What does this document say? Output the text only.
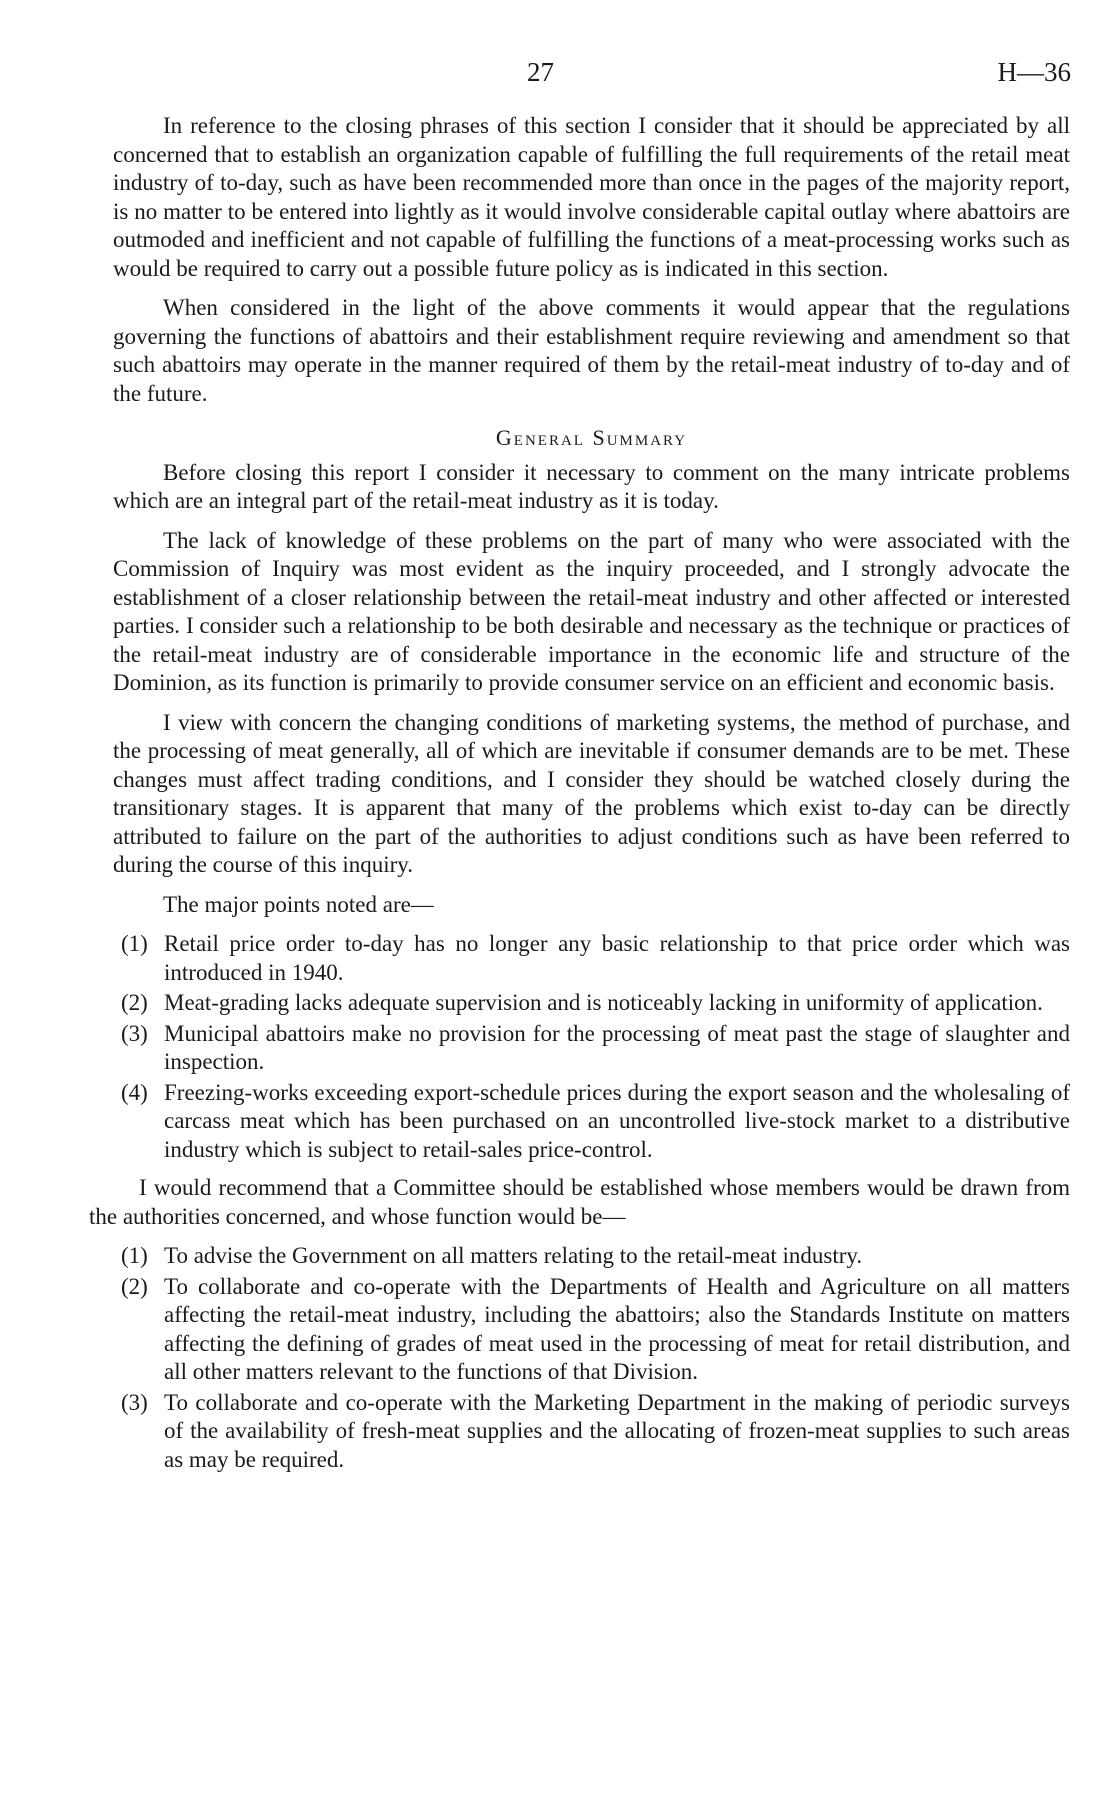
27	H—36

In reference to the closing phrases of this section I consider that it should be appreciated by all concerned that to establish an organization capable of fulfilling the full requirements of the retail meat industry of to-day, such as have been recommended more than once in the pages of the majority report, is no matter to be entered into lightly as it would involve considerable capital outlay where abattoirs are outmoded and inefficient and not capable of fulfilling the functions of a meat-processing works such as would be required to carry out a possible future policy as is indicated in this section.

When considered in the light of the above comments it would appear that the regulations governing the functions of abattoirs and their establishment require reviewing and amendment so that such abattoirs may operate in the manner required of them by the retail-meat industry of to-day and of the future.

General Summary

Before closing this report I consider it necessary to comment on the many intricate problems which are an integral part of the retail-meat industry as it is today.

The lack of knowledge of these problems on the part of many who were associated with the Commission of Inquiry was most evident as the inquiry proceeded, and I strongly advocate the establishment of a closer relationship between the retail-meat industry and other affected or interested parties. I consider such a relationship to be both desirable and necessary as the technique or practices of the retail-meat industry are of considerable importance in the economic life and structure of the Dominion, as its function is primarily to provide consumer service on an efficient and economic basis.

I view with concern the changing conditions of marketing systems, the method of purchase, and the processing of meat generally, all of which are inevitable if consumer demands are to be met. These changes must affect trading conditions, and I consider they should be watched closely during the transitionary stages. It is apparent that many of the problems which exist to-day can be directly attributed to failure on the part of the authorities to adjust conditions such as have been referred to during the course of this inquiry.

The major points noted are—

(1) Retail price order to-day has no longer any basic relationship to that price order which was introduced in 1940.
(2) Meat-grading lacks adequate supervision and is noticeably lacking in uniformity of application.
(3) Municipal abattoirs make no provision for the processing of meat past the stage of slaughter and inspection.
(4) Freezing-works exceeding export-schedule prices during the export season and the wholesaling of carcass meat which has been purchased on an uncontrolled live-stock market to a distributive industry which is subject to retail-sales price-control.

I would recommend that a Committee should be established whose members would be drawn from the authorities concerned, and whose function would be—

(1) To advise the Government on all matters relating to the retail-meat industry.
(2) To collaborate and co-operate with the Departments of Health and Agriculture on all matters affecting the retail-meat industry, including the abattoirs; also the Standards Institute on matters affecting the defining of grades of meat used in the processing of meat for retail distribution, and all other matters relevant to the functions of that Division.
(3) To collaborate and co-operate with the Marketing Department in the making of periodic surveys of the availability of fresh-meat supplies and the allocating of frozen-meat supplies to such areas as may be required.
